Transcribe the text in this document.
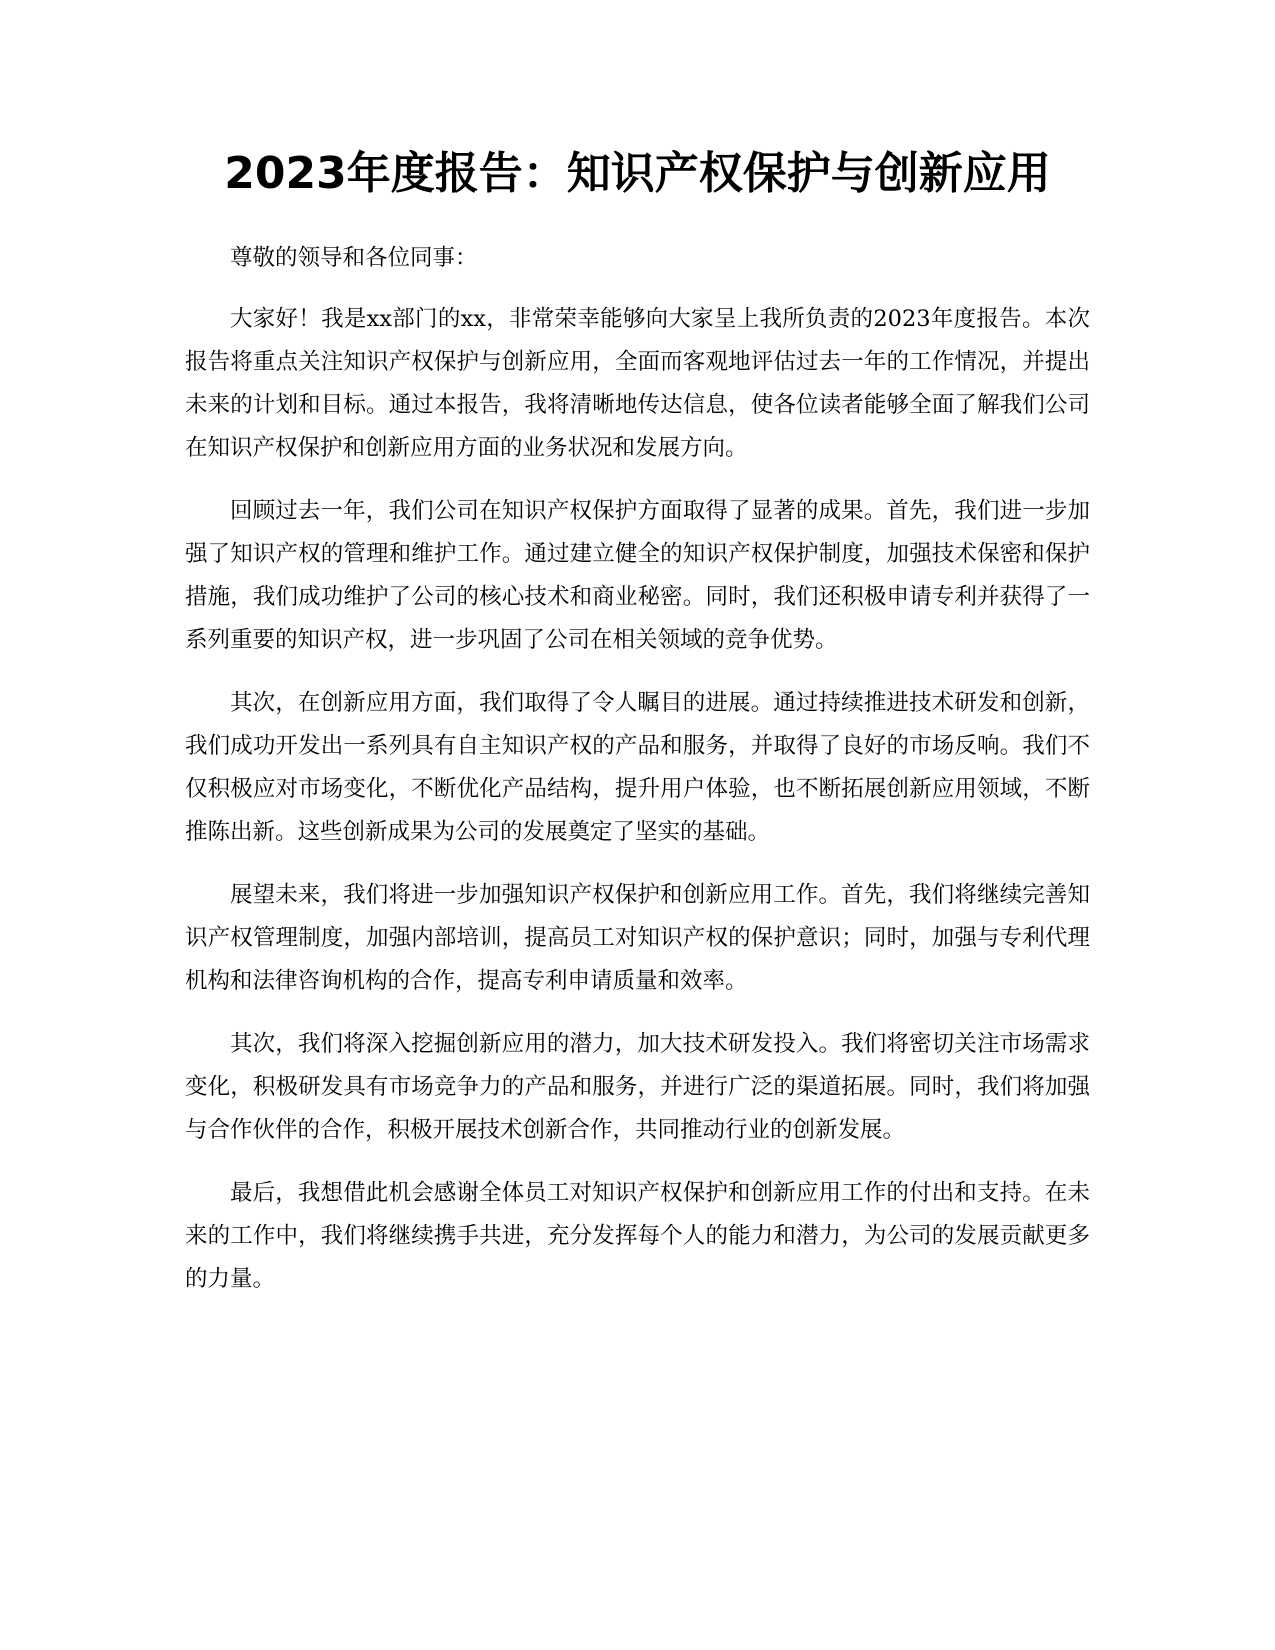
2023年度报告：知识产权保护与创新应用

尊敬的领导和各位同事：

大家好！我是xx部门的xx，非常荣幸能够向大家呈上我所负责的2023年度报告。本次报告将重点关注知识产权保护与创新应用，全面而客观地评估过去一年的工作情况，并提出未来的计划和目标。通过本报告，我将清晰地传达信息，使各位读者能够全面了解我们公司在知识产权保护和创新应用方面的业务状况和发展方向。

回顾过去一年，我们公司在知识产权保护方面取得了显著的成果。首先，我们进一步加强了知识产权的管理和维护工作。通过建立健全的知识产权保护制度，加强技术保密和保护措施，我们成功维护了公司的核心技术和商业秘密。同时，我们还积极申请专利并获得了一系列重要的知识产权，进一步巩固了公司在相关领域的竞争优势。

其次，在创新应用方面，我们取得了令人瞩目的进展。通过持续推进技术研发和创新，我们成功开发出一系列具有自主知识产权的产品和服务，并取得了良好的市场反响。我们不仅积极应对市场变化，不断优化产品结构，提升用户体验，也不断拓展创新应用领域，不断推陈出新。这些创新成果为公司的发展奠定了坚实的基础。

展望未来，我们将进一步加强知识产权保护和创新应用工作。首先，我们将继续完善知识产权管理制度，加强内部培训，提高员工对知识产权的保护意识；同时，加强与专利代理机构和法律咨询机构的合作，提高专利申请质量和效率。

其次，我们将深入挖掘创新应用的潜力，加大技术研发投入。我们将密切关注市场需求变化，积极研发具有市场竞争力的产品和服务，并进行广泛的渠道拓展。同时，我们将加强与合作伙伴的合作，积极开展技术创新合作，共同推动行业的创新发展。

最后，我想借此机会感谢全体员工对知识产权保护和创新应用工作的付出和支持。在未来的工作中，我们将继续携手共进，充分发挥每个人的能力和潜力，为公司的发展贡献更多的力量。
